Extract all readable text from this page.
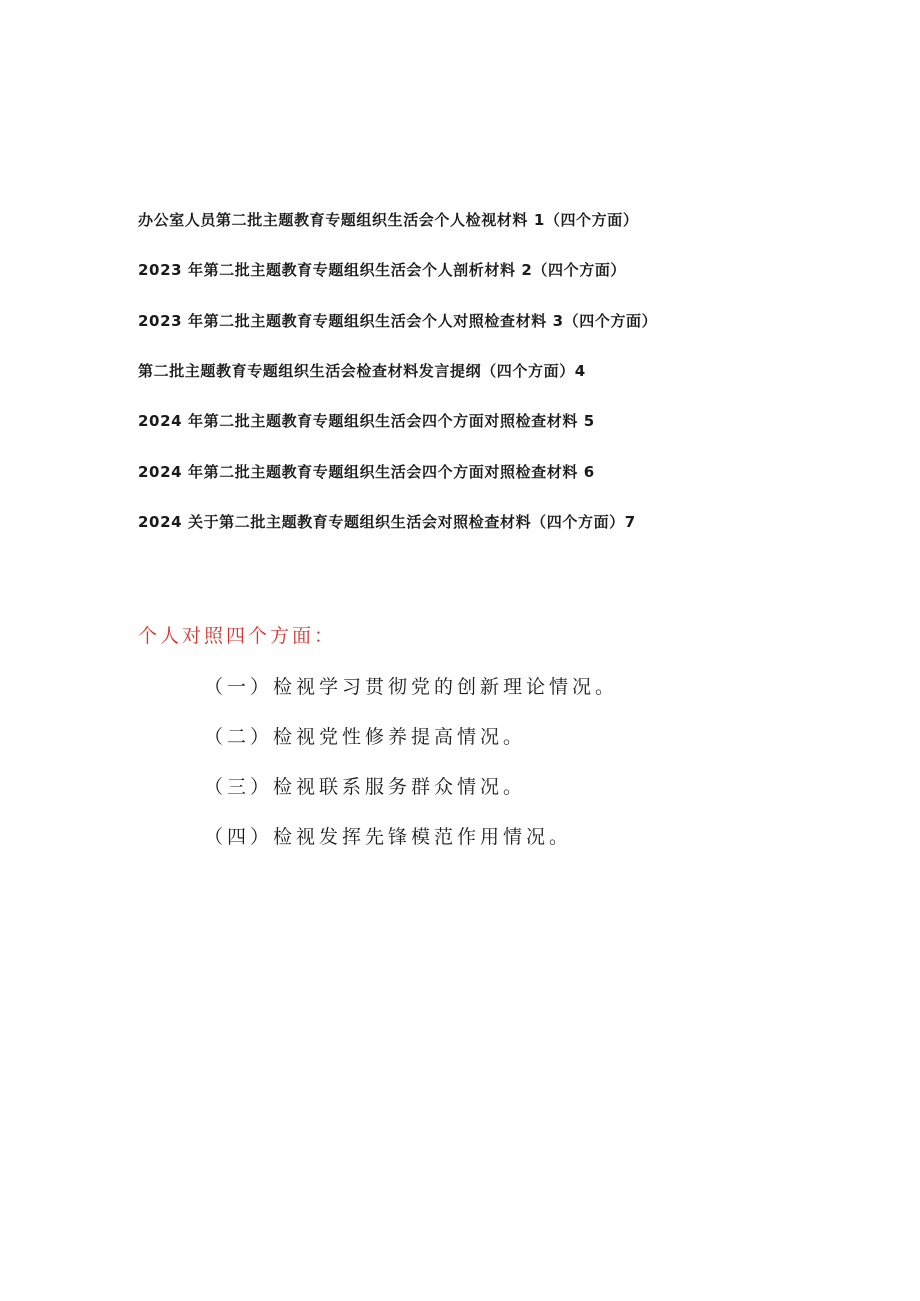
办公室人员第二批主题教育专题组织生活会个人检视材料 1（四个方面）
2023 年第二批主题教育专题组织生活会个人剖析材料 2（四个方面）
2023 年第二批主题教育专题组织生活会个人对照检查材料 3（四个方面）
第二批主题教育专题组织生活会检查材料发言提纲（四个方面）4
2024 年第二批主题教育专题组织生活会四个方面对照检查材料 5
2024 年第二批主题教育专题组织生活会四个方面对照检查材料 6
2024 关于第二批主题教育专题组织生活会对照检查材料（四个方面）7
个人对照四个方面：
（一）检视学习贯彻党的创新理论情况。
（二）检视党性修养提高情况。
（三）检视联系服务群众情况。
（四）检视发挥先锋模范作用情况。
